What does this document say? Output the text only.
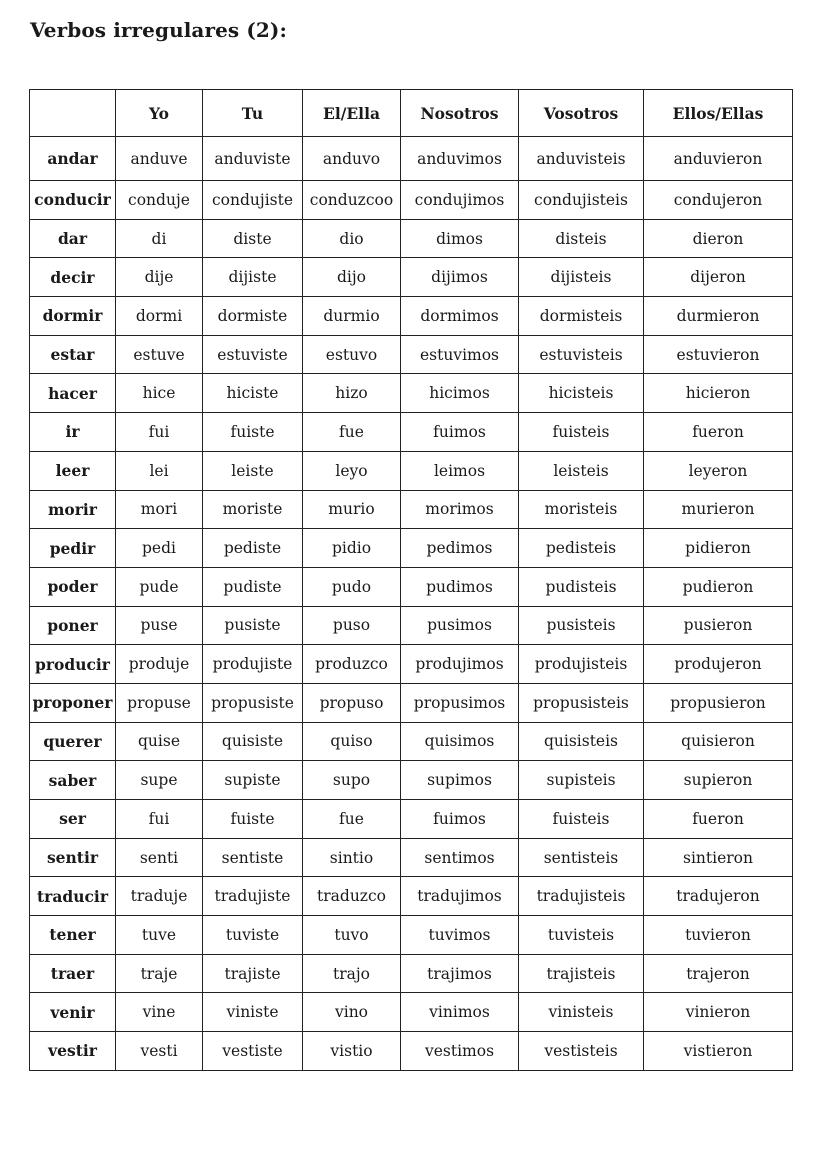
Verbos irregulares (2):
	Yo	Tu	El/Ella	Nosotros	Vosotros	Ellos/Ellas
andar	anduve	anduviste	anduvo	anduvimos	anduvisteis	anduvieron
conducir	conduje	condujiste	conduzcoo	condujimos	condujisteis	condujeron
dar	di	diste	dio	dimos	disteis	dieron
decir	dije	dijiste	dijo	dijimos	dijisteis	dijeron
dormir	dormi	dormiste	durmio	dormimos	dormisteis	durmieron
estar	estuve	estuviste	estuvo	estuvimos	estuvisteis	estuvieron
hacer	hice	hiciste	hizo	hicimos	hicisteis	hicieron
ir	fui	fuiste	fue	fuimos	fuisteis	fueron
leer	lei	leiste	leyo	leimos	leisteis	leyeron
morir	mori	moriste	murio	morimos	moristeis	murieron
pedir	pedi	pediste	pidio	pedimos	pedisteis	pidieron
poder	pude	pudiste	pudo	pudimos	pudisteis	pudieron
poner	puse	pusiste	puso	pusimos	pusisteis	pusieron
producir	produje	produjiste	produzco	produjimos	produjisteis	produjeron
proponer	propuse	propusiste	propuso	propusimos	propusisteis	propusieron
querer	quise	quisiste	quiso	quisimos	quisisteis	quisieron
saber	supe	supiste	supo	supimos	supisteis	supieron
ser	fui	fuiste	fue	fuimos	fuisteis	fueron
sentir	senti	sentiste	sintio	sentimos	sentisteis	sintieron
traducir	traduje	tradujiste	traduzco	tradujimos	tradujisteis	tradujeron
tener	tuve	tuviste	tuvo	tuvimos	tuvisteis	tuvieron
traer	traje	trajiste	trajo	trajimos	trajisteis	trajeron
venir	vine	viniste	vino	vinimos	vinisteis	vinieron
vestir	vesti	vestiste	vistio	vestimos	vestisteis	vistieron
